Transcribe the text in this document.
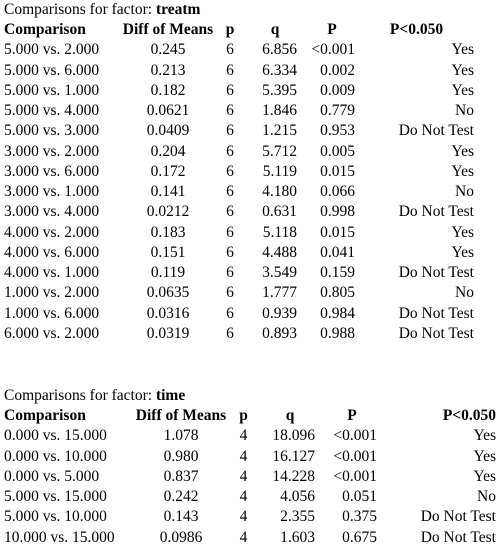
Comparisons for factor: treatm
Comparison	Diff of Means	p	q	P	P<0.050
5.000 vs. 2.000	0.245	6	6.856	<0.001	Yes
5.000 vs. 6.000	0.213	6	6.334	0.002	Yes
5.000 vs. 1.000	0.182	6	5.395	0.009	Yes
5.000 vs. 4.000	0.0621	6	1.846	0.779	No
5.000 vs. 3.000	0.0409	6	1.215	0.953	Do Not Test
3.000 vs. 2.000	0.204	6	5.712	0.005	Yes
3.000 vs. 6.000	0.172	6	5.119	0.015	Yes
3.000 vs. 1.000	0.141	6	4.180	0.066	No
3.000 vs. 4.000	0.0212	6	0.631	0.998	Do Not Test
4.000 vs. 2.000	0.183	6	5.118	0.015	Yes
4.000 vs. 6.000	0.151	6	4.488	0.041	Yes
4.000 vs. 1.000	0.119	6	3.549	0.159	Do Not Test
1.000 vs. 2.000	0.0635	6	1.777	0.805	No
1.000 vs. 6.000	0.0316	6	0.939	0.984	Do Not Test
6.000 vs. 2.000	0.0319	6	0.893	0.988	Do Not Test
Comparisons for factor: time
Comparison	Diff of Means	p	q	P	P<0.050
0.000 vs. 15.000	1.078	4	18.096	<0.001	Yes
0.000 vs. 10.000	0.980	4	16.127	<0.001	Yes
0.000 vs. 5.000	0.837	4	14.228	<0.001	Yes
5.000 vs. 15.000	0.242	4	4.056	0.051	No
5.000 vs. 10.000	0.143	4	2.355	0.375	Do Not Test
10.000 vs. 15.000	0.0986	4	1.603	0.675	Do Not Test
